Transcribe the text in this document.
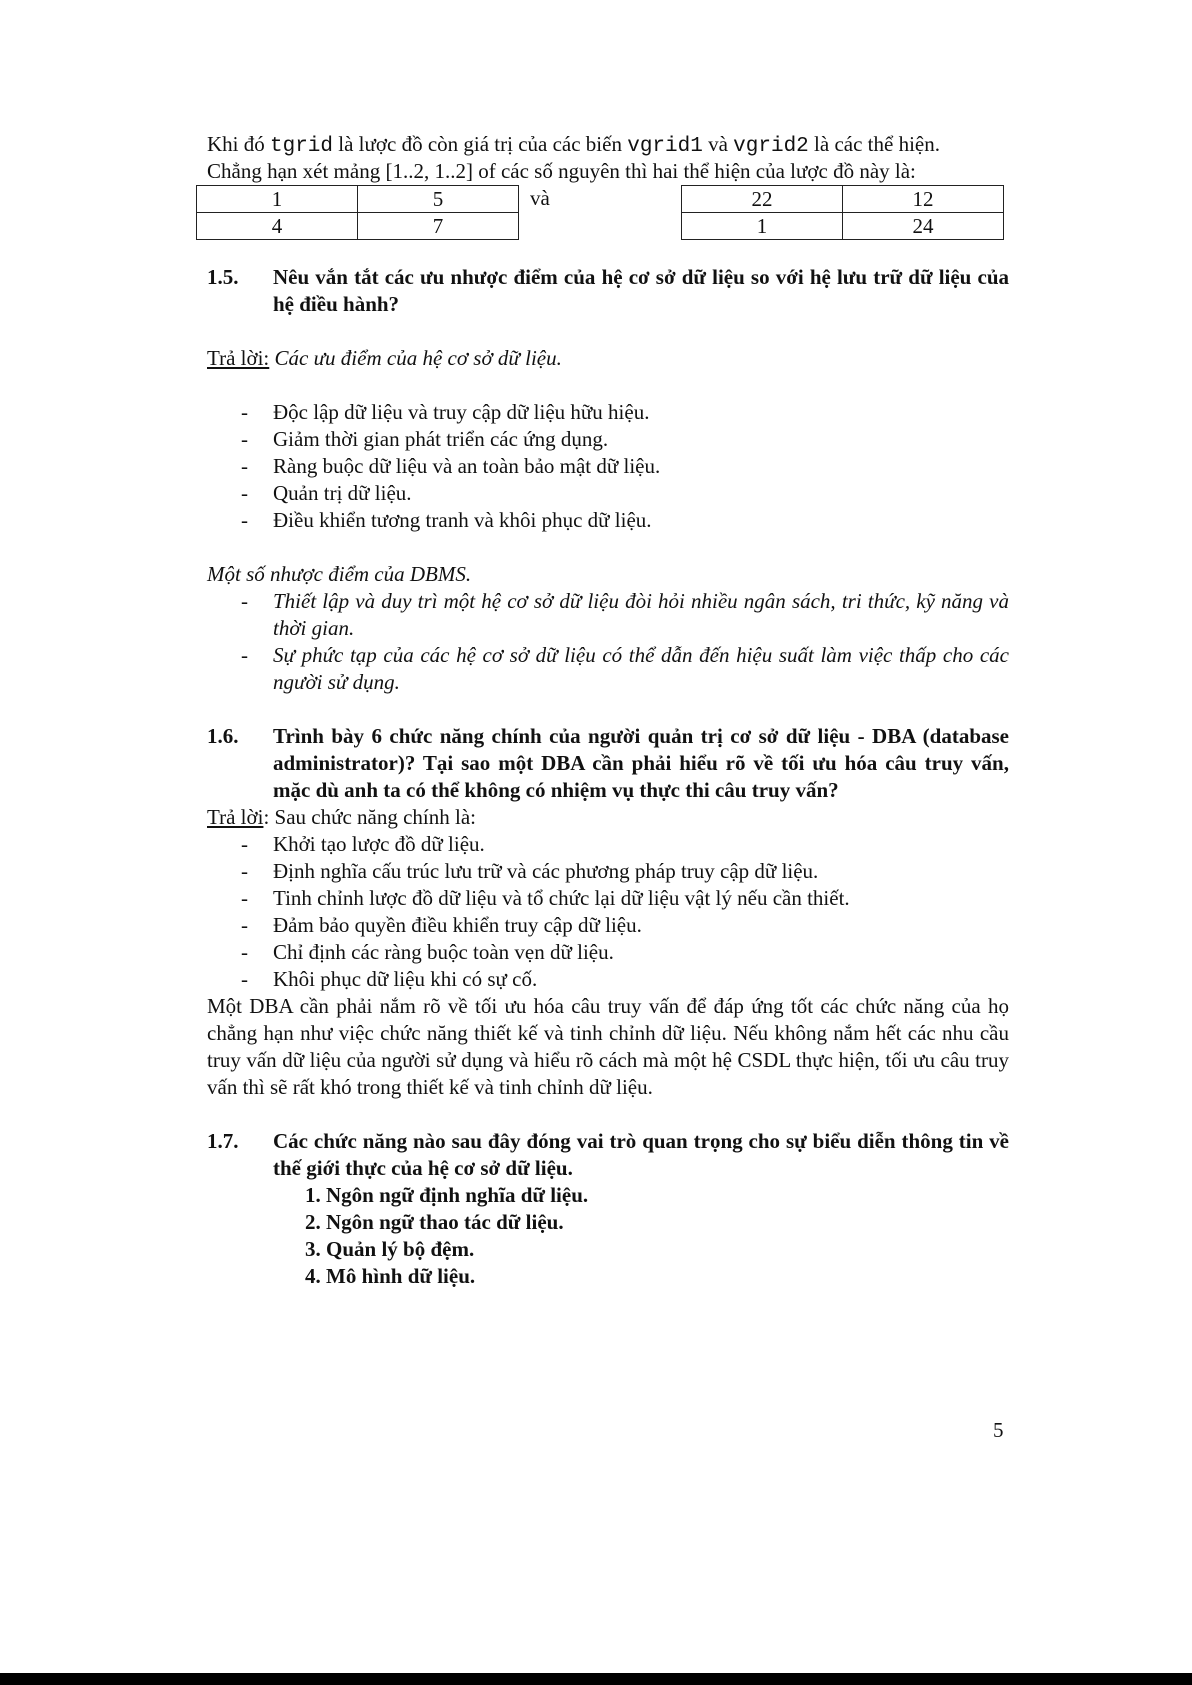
Khi đó tgrid là lược đồ còn giá trị của các biến vgrid1 và vgrid2 là các thể hiện.

Chẳng hạn xét mảng [1..2, 1..2] of các số nguyên thì hai thể hiện của lược đồ này là:

1	5
4	7
và	22	12
1	24
1.5.	Nêu vắn tắt các ưu nhược điểm của hệ cơ sở dữ liệu so với hệ lưu trữ dữ liệu của hệ điều hành?

Trả lời: Các ưu điểm của hệ cơ sở dữ liệu.

- Độc lập dữ liệu và truy cập dữ liệu hữu hiệu.
- Giảm thời gian phát triển các ứng dụng.
- Ràng buộc dữ liệu và an toàn bảo mật dữ liệu.
- Quản trị dữ liệu.
- Điều khiển tương tranh và khôi phục dữ liệu.

Một số nhược điểm của DBMS.

- Thiết lập và duy trì một hệ cơ sở dữ liệu đòi hỏi nhiều ngân sách, tri thức, kỹ năng và thời gian.
- Sự phức tạp của các hệ cơ sở dữ liệu có thể dẫn đến hiệu suất làm việc thấp cho các người sử dụng.
1.6.	Trình bày 6 chức năng chính của người quản trị cơ sở dữ liệu - DBA (database administrator)? Tại sao một DBA cần phải hiểu rõ về tối ưu hóa câu truy vấn, mặc dù anh ta có thể không có nhiệm vụ thực thi câu truy vấn?

Trả lời: Sau chức năng chính là:

- Khởi tạo lược đồ dữ liệu.
- Định nghĩa cấu trúc lưu trữ và các phương pháp truy cập dữ liệu.
- Tinh chỉnh lược đồ dữ liệu và tổ chức lại dữ liệu vật lý nếu cần thiết.
- Đảm bảo quyền điều khiển truy cập dữ liệu.
- Chỉ định các ràng buộc toàn vẹn dữ liệu.
- Khôi phục dữ liệu khi có sự cố.

Một DBA cần phải nắm rõ về tối ưu hóa câu truy vấn để đáp ứng tốt các chức năng của họ chẳng hạn như việc chức năng thiết kế và tinh chỉnh dữ liệu. Nếu không nắm hết các nhu cầu truy vấn dữ liệu của người sử dụng và hiểu rõ cách mà một hệ CSDL thực hiện, tối ưu câu truy vấn thì sẽ rất khó trong thiết kế và tinh chỉnh dữ liệu.

1.7.	Các chức năng nào sau đây đóng vai trò quan trọng cho sự biểu diễn thông tin về thế giới thực của hệ cơ sở dữ liệu.
1. Ngôn ngữ định nghĩa dữ liệu.
2. Ngôn ngữ thao tác dữ liệu.
3. Quản lý bộ đệm.
4. Mô hình dữ liệu.
5
